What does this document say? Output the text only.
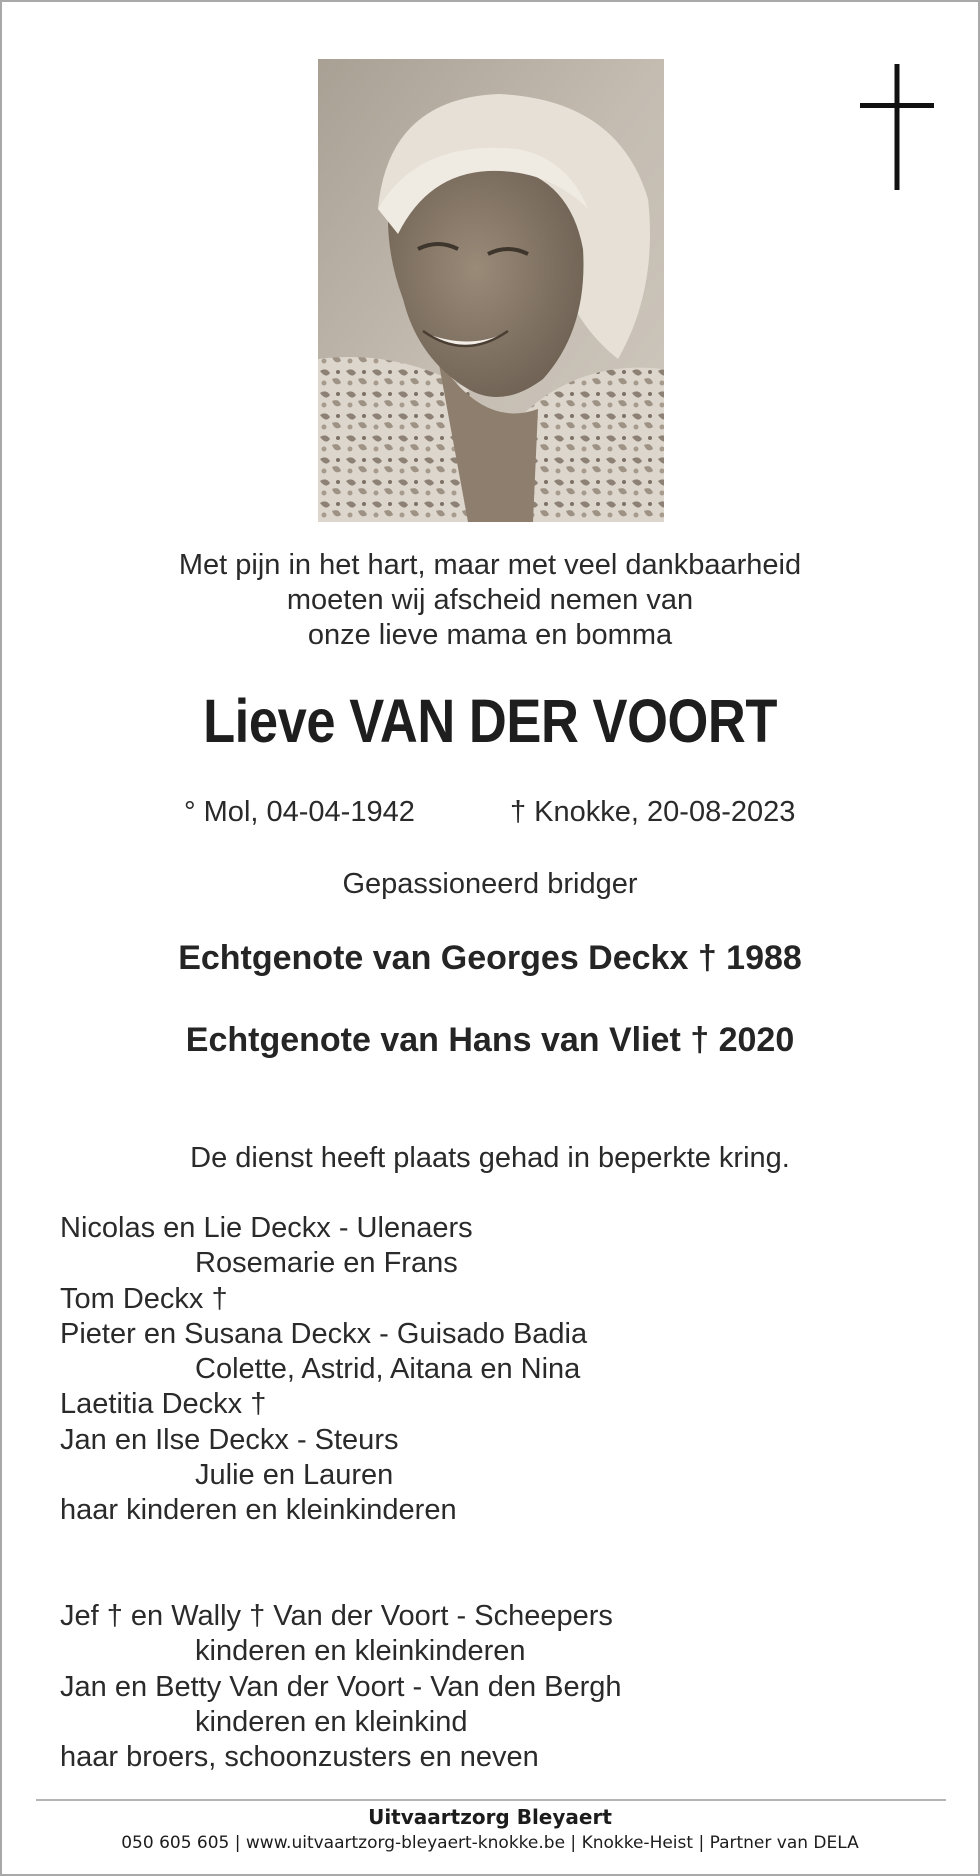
Met pijn in het hart, maar met veel dankbaarheid
moeten wij afscheid nemen van
onze lieve mama en bomma
Lieve VAN DER VOORT
° Mol, 04-04-1942	† Knokke, 20-08-2023
Gepassioneerd bridger
Echtgenote van Georges Deckx † 1988
Echtgenote van Hans van Vliet † 2020
De dienst heeft plaats gehad in beperkte kring.
Nicolas en Lie Deckx - Ulenaers
Rosemarie en Frans
Tom Deckx †
Pieter en Susana Deckx - Guisado Badia
Colette, Astrid, Aitana en Nina
Laetitia Deckx †
Jan en Ilse Deckx - Steurs
Julie en Lauren
haar kinderen en kleinkinderen
Jef † en Wally † Van der Voort - Scheepers
kinderen en kleinkinderen
Jan en Betty Van der Voort - Van den Bergh
kinderen en kleinkind
haar broers, schoonzusters en neven
Uitvaartzorg Bleyaert
050 605 605 | www.uitvaartzorg-bleyaert-knokke.be | Knokke-Heist | Partner van DELA
